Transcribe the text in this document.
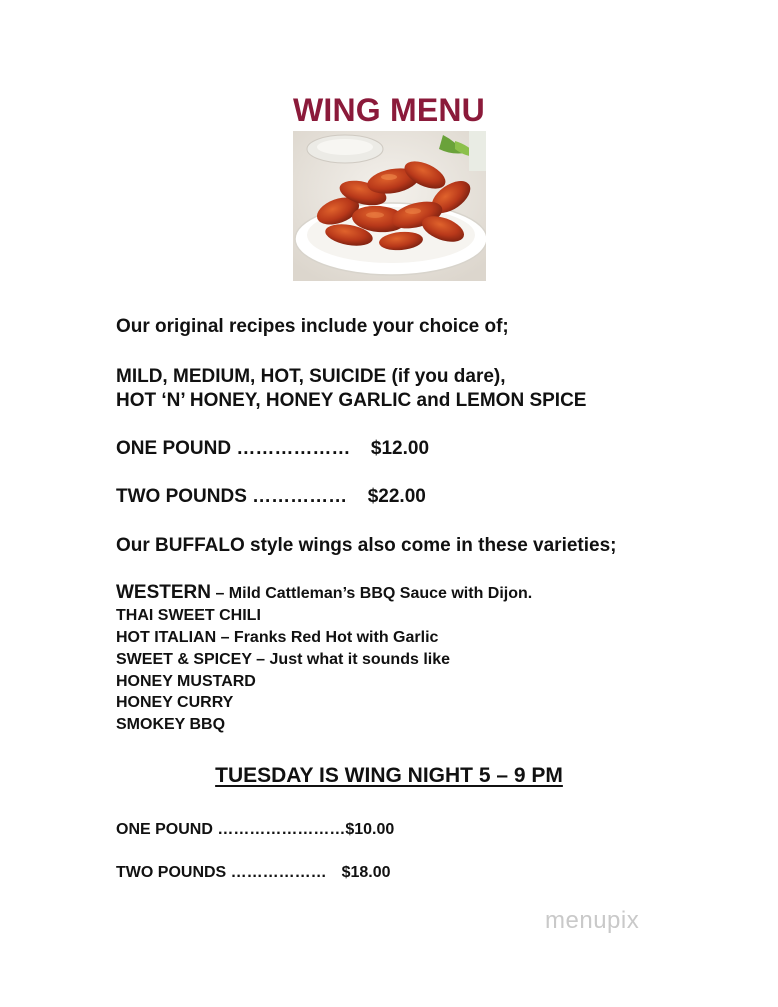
WING MENU
Our original recipes include your choice of;
MILD, MEDIUM, HOT, SUICIDE (if you dare),
HOT ‘N’ HONEY, HONEY GARLIC and LEMON SPICE
ONE POUND ……………… $12.00
TWO POUNDS …………… $22.00
Our BUFFALO style wings also come in these varieties;
WESTERN – Mild Cattleman’s BBQ Sauce with Dijon.
THAI SWEET CHILI
HOT ITALIAN – Franks Red Hot with Garlic
SWEET & SPICEY – Just what it sounds like
HONEY MUSTARD
HONEY CURRY
SMOKEY BBQ
TUESDAY IS WING NIGHT 5 – 9 PM
ONE POUND ……………………$10.00
TWO POUNDS ……………… $18.00
menupix
